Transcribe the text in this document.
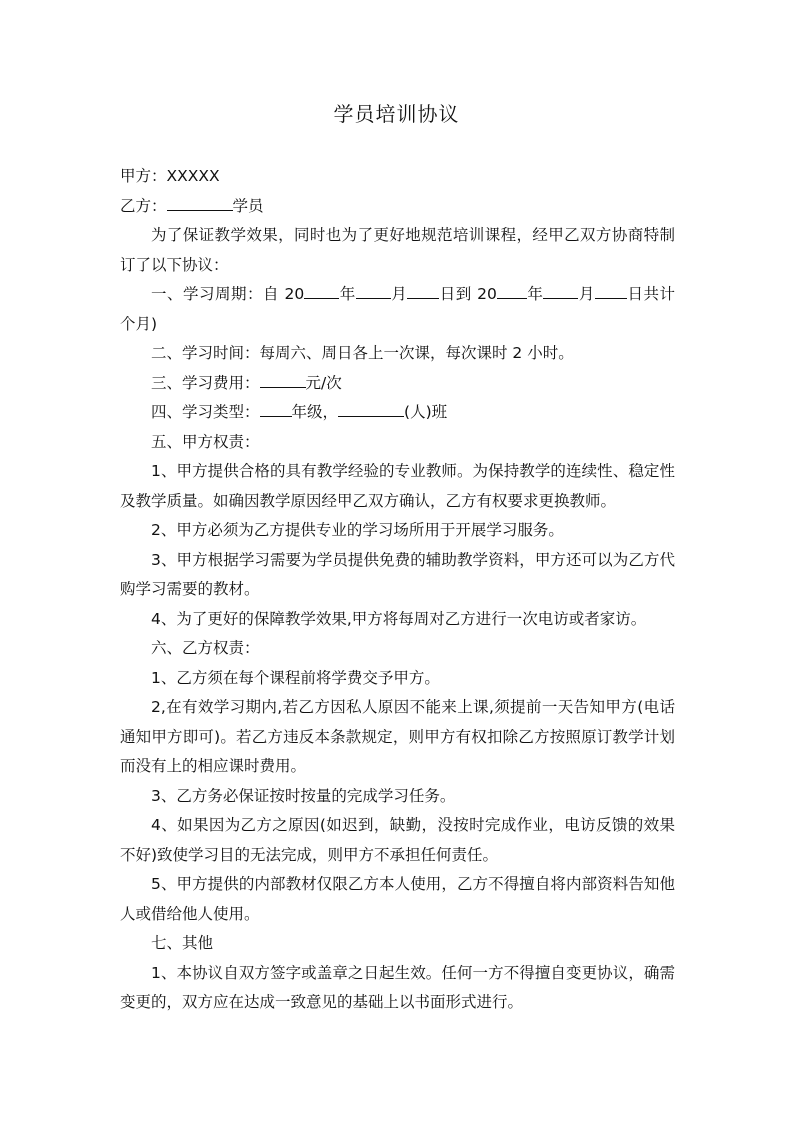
学员培训协议

甲方：XXXXX

乙方：	学员

为了保证教学效果，同时也为了更好地规范培训课程，经甲乙双方协商特制订了以下协议：

一、学习周期：自 20 年 月 日到 20 年 月 日共计个月)

二、学习时间：每周六、周日各上一次课，每次课时 2 小时。

三、学习费用：	元/次

四、学习类型： 年级，	(人)班

五、甲方权责：

1、甲方提供合格的具有教学经验的专业教师。为保持教学的连续性、稳定性及教学质量。如确因教学原因经甲乙双方确认，乙方有权要求更换教师。

2、甲方必须为乙方提供专业的学习场所用于开展学习服务。

3、甲方根据学习需要为学员提供免费的辅助教学资料，甲方还可以为乙方代购学习需要的教材。

4、为了更好的保障教学效果,甲方将每周对乙方进行一次电访或者家访。

六、乙方权责：

1、乙方须在每个课程前将学费交予甲方。

2,在有效学习期内,若乙方因私人原因不能来上课,须提前一天告知甲方(电话通知甲方即可)。若乙方违反本条款规定，则甲方有权扣除乙方按照原订教学计划而没有上的相应课时费用。

3、乙方务必保证按时按量的完成学习任务。

4、如果因为乙方之原因(如迟到，缺勤，没按时完成作业，电访反馈的效果不好)致使学习目的无法完成，则甲方不承担任何责任。

5、甲方提供的内部教材仅限乙方本人使用，乙方不得擅自将内部资料告知他人或借给他人使用。

七、其他

1、本协议自双方签字或盖章之日起生效。任何一方不得擅自变更协议，确需变更的，双方应在达成一致意见的基础上以书面形式进行。
